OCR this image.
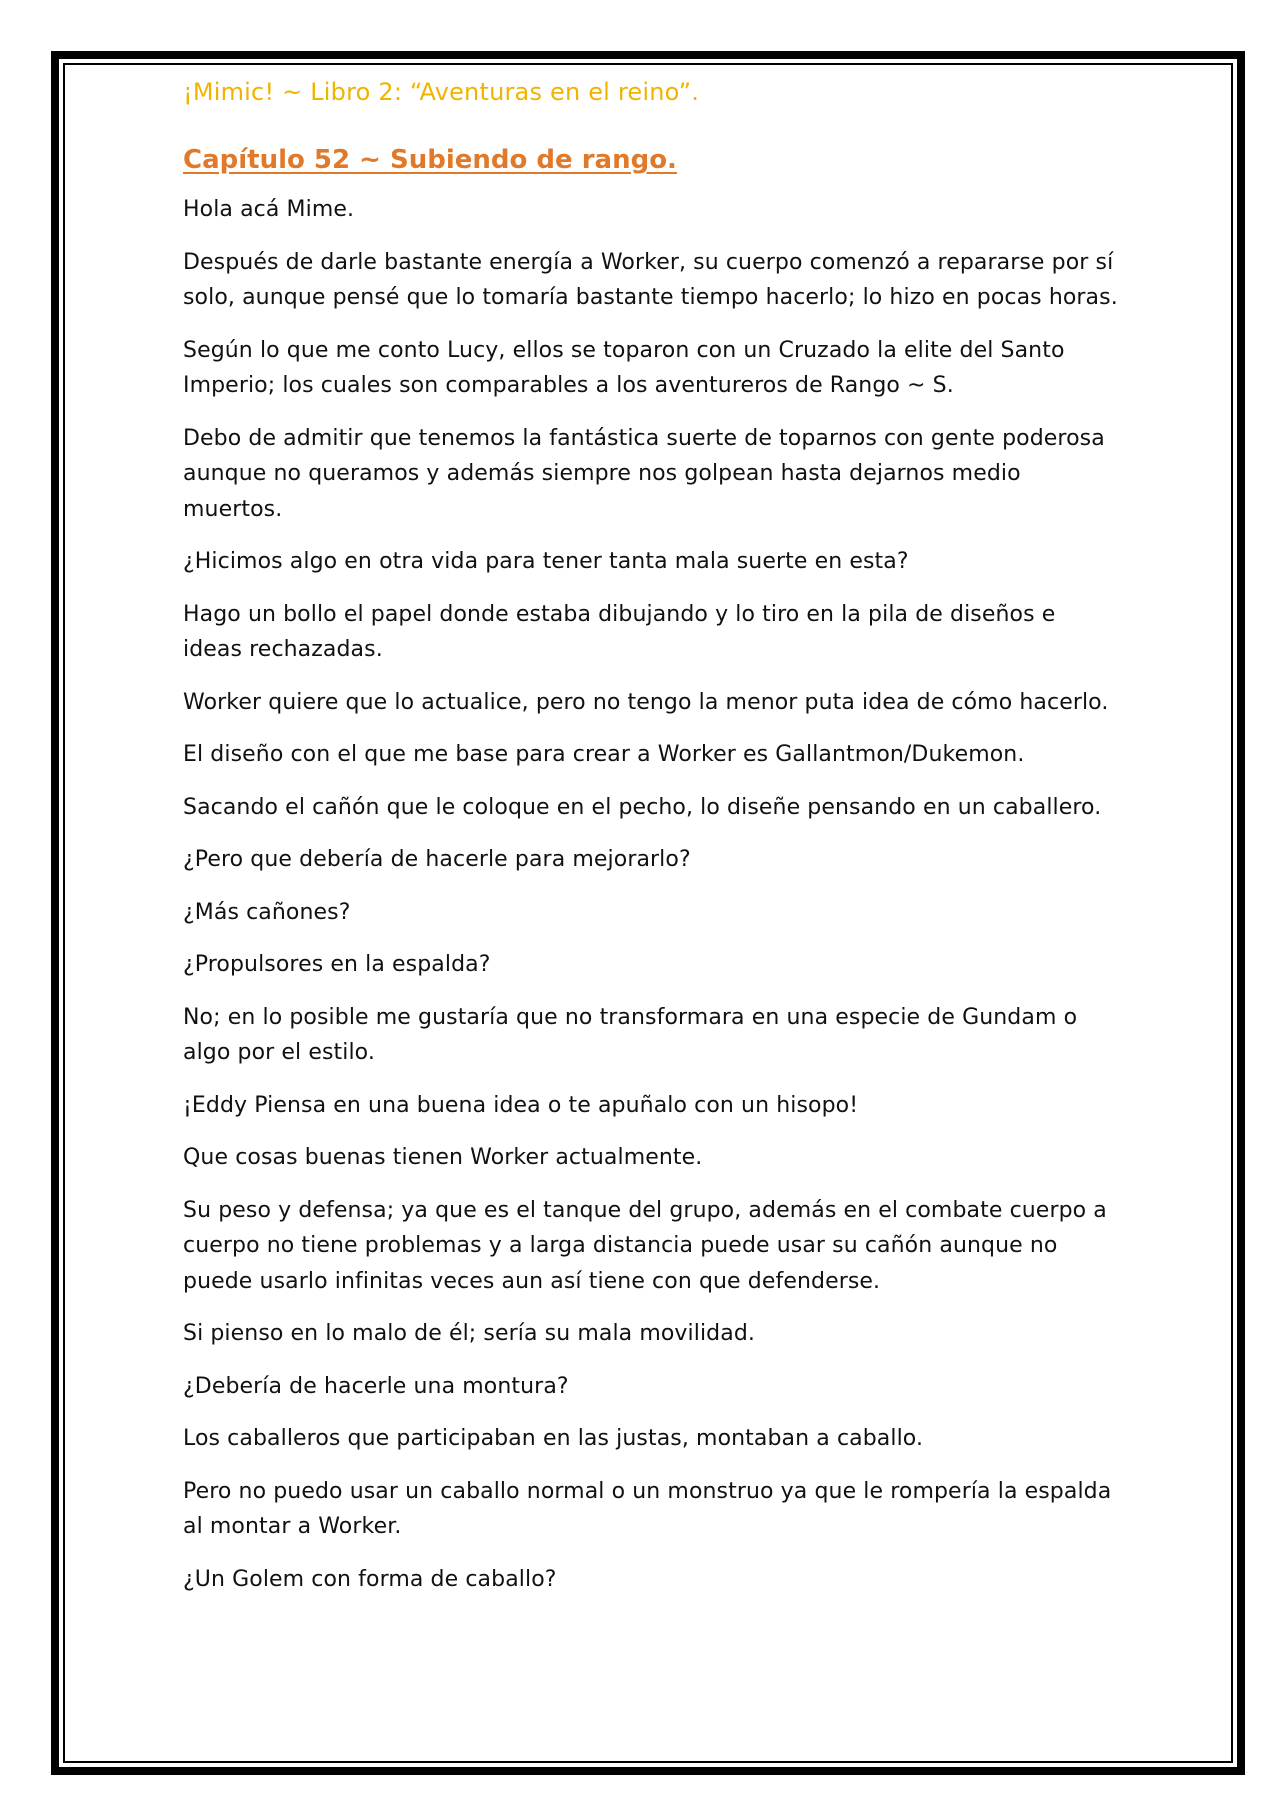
¡Mimic! ~ Libro 2: “Aventuras en el reino”.
Capítulo 52 ~ Subiendo de rango.
Hola acá Mime.
Después de darle bastante energía a Worker, su cuerpo comenzó a repararse por sí solo, aunque pensé que lo tomaría bastante tiempo hacerlo; lo hizo en pocas horas.
Según lo que me conto Lucy, ellos se toparon con un Cruzado la elite del Santo Imperio; los cuales son comparables a los aventureros de Rango ~ S.
Debo de admitir que tenemos la fantástica suerte de toparnos con gente poderosa aunque no queramos y además siempre nos golpean hasta dejarnos medio muertos.
¿Hicimos algo en otra vida para tener tanta mala suerte en esta?
Hago un bollo el papel donde estaba dibujando y lo tiro en la pila de diseños e ideas rechazadas.
Worker quiere que lo actualice, pero no tengo la menor puta idea de cómo hacerlo.
El diseño con el que me base para crear a Worker es Gallantmon/Dukemon.
Sacando el cañón que le coloque en el pecho, lo diseñe pensando en un caballero.
¿Pero que debería de hacerle para mejorarlo?
¿Más cañones?
¿Propulsores en la espalda?
No; en lo posible me gustaría que no transformara en una especie de Gundam o algo por el estilo.
¡Eddy Piensa en una buena idea o te apuñalo con un hisopo!
Que cosas buenas tienen Worker actualmente.
Su peso y defensa; ya que es el tanque del grupo, además en el combate cuerpo a cuerpo no tiene problemas y a larga distancia puede usar su cañón aunque no puede usarlo infinitas veces aun así tiene con que defenderse.
Si pienso en lo malo de él; sería su mala movilidad.
¿Debería de hacerle una montura?
Los caballeros que participaban en las justas, montaban a caballo.
Pero no puedo usar un caballo normal o un monstruo ya que le rompería la espalda al montar a Worker.
¿Un Golem con forma de caballo?
